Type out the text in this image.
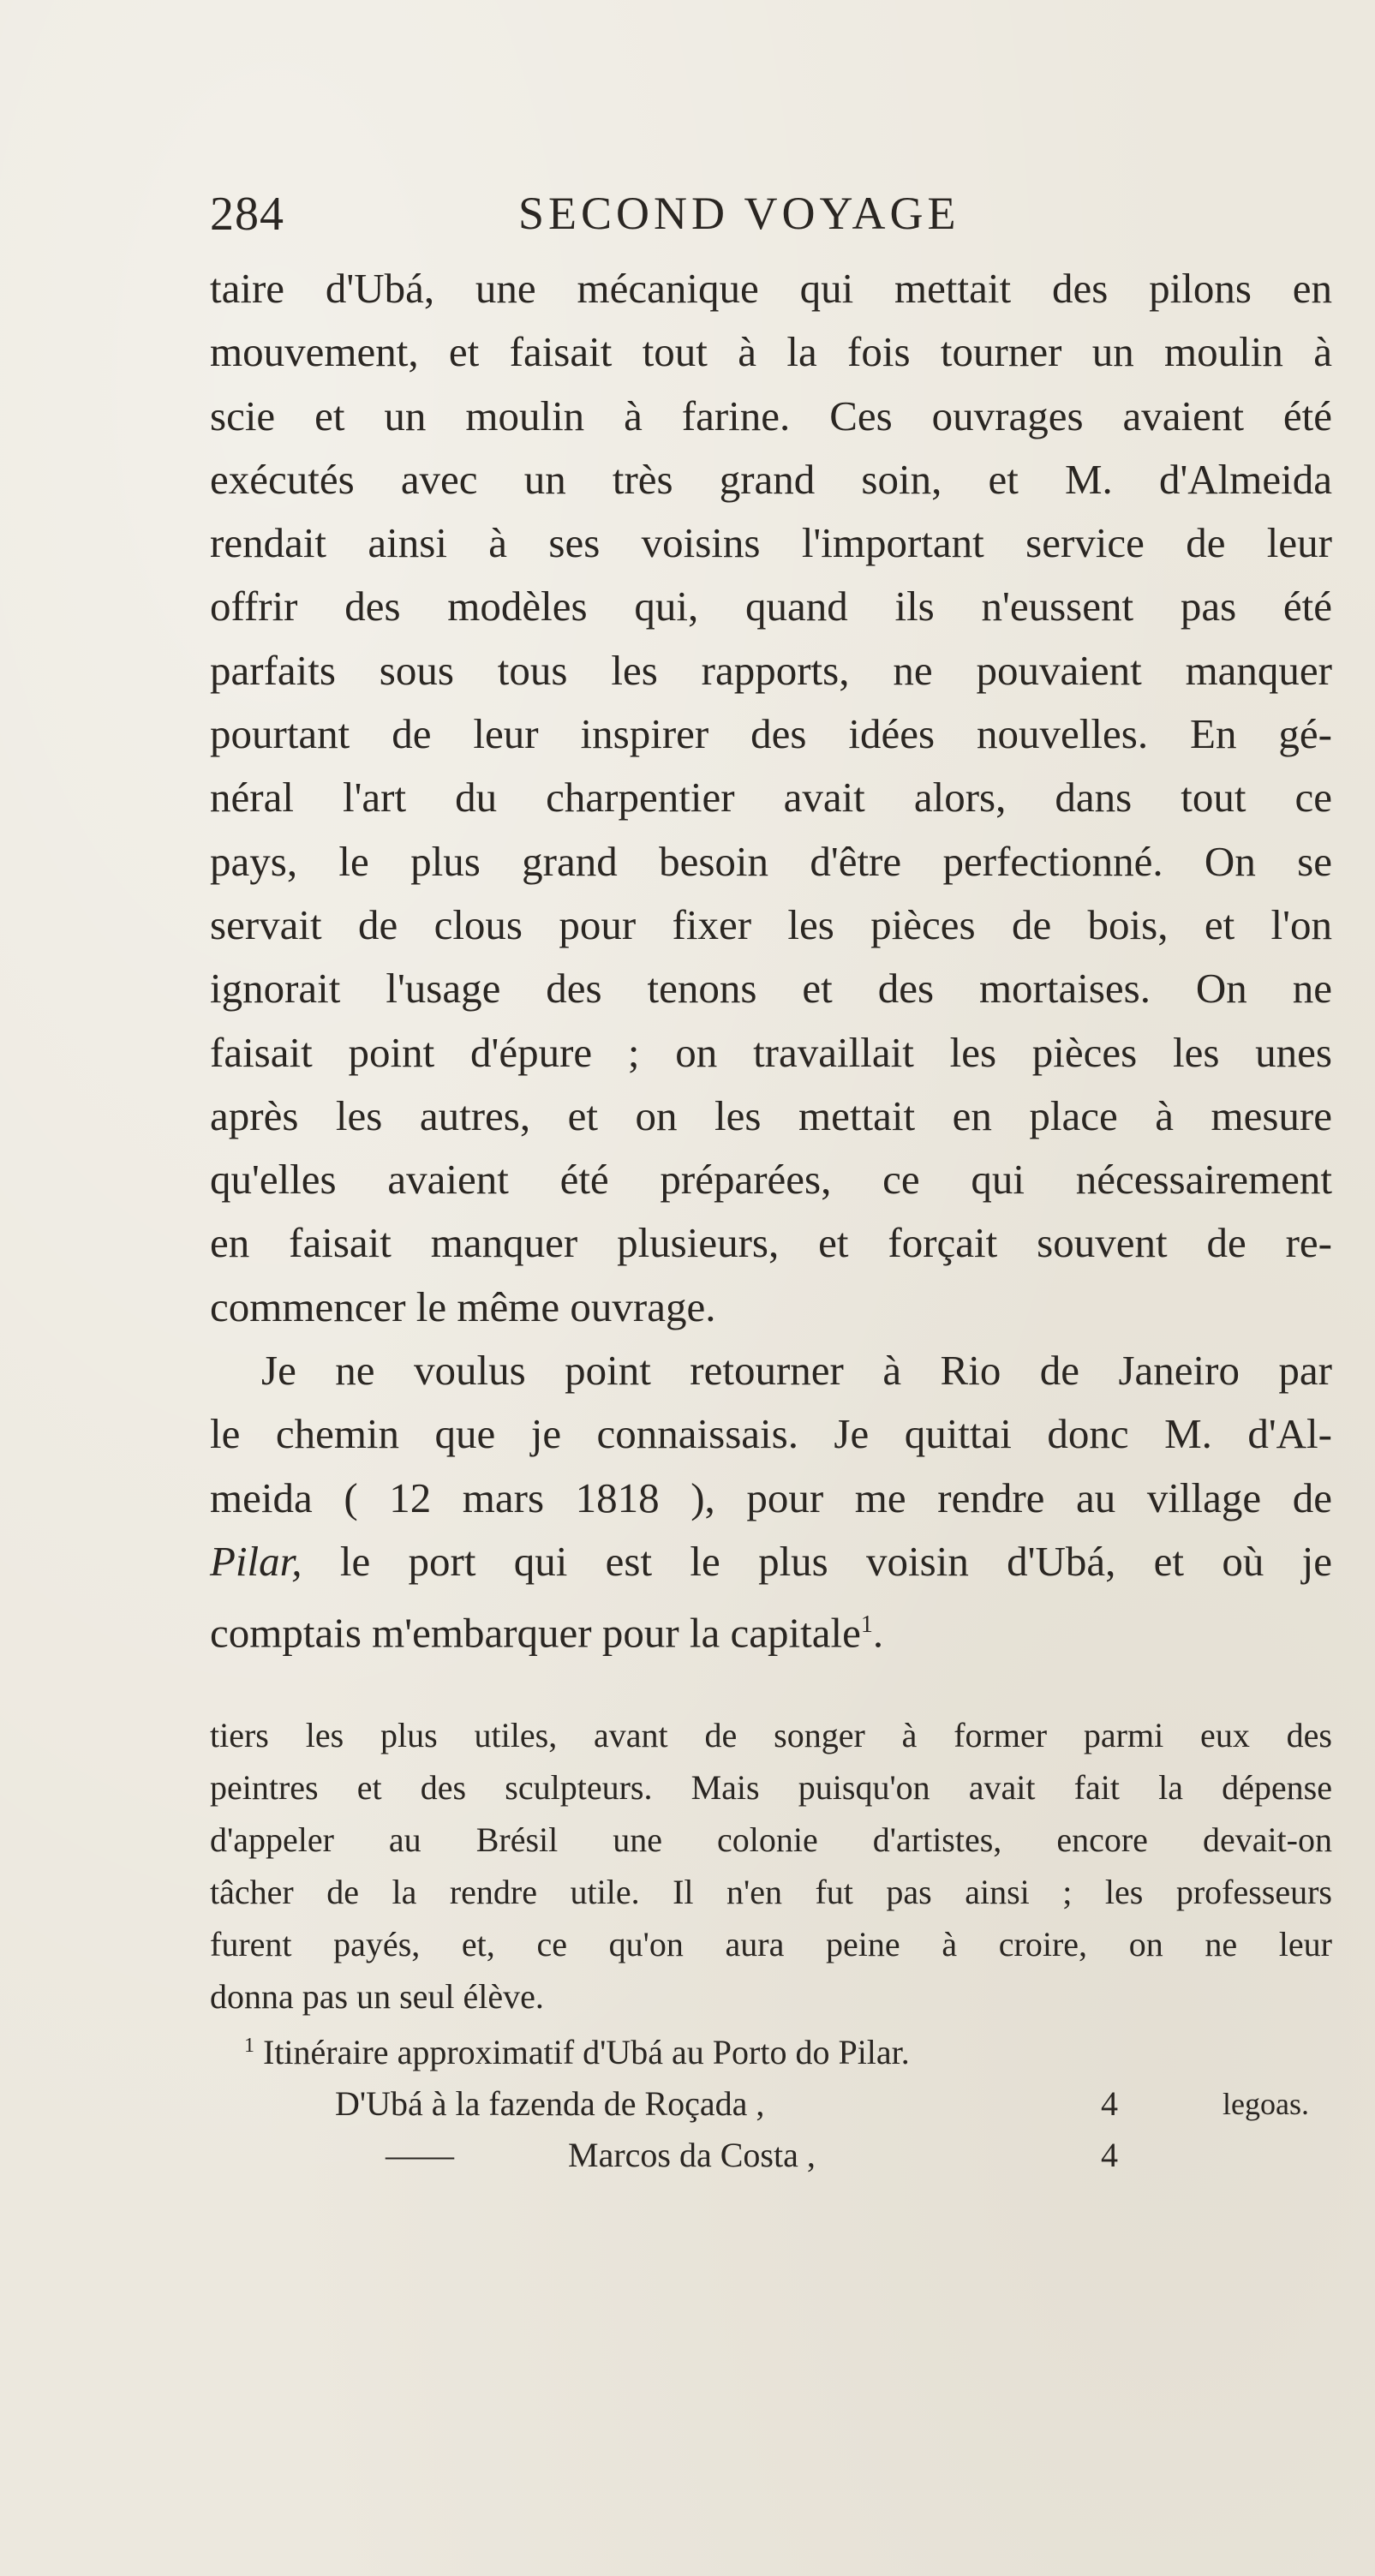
284	SECOND VOYAGE
taire d'Ubá, une mécanique qui mettait des pilons en
mouvement, et faisait tout à la fois tourner un moulin à
scie et un moulin à farine. Ces ouvrages avaient été
exécutés avec un très grand soin, et M. d'Almeida
rendait ainsi à ses voisins l'important service de leur
offrir des modèles qui, quand ils n'eussent pas été
parfaits sous tous les rapports, ne pouvaient manquer
pourtant de leur inspirer des idées nouvelles. En gé-
néral l'art du charpentier avait alors, dans tout ce
pays, le plus grand besoin d'être perfectionné. On se
servait de clous pour fixer les pièces de bois, et l'on
ignorait l'usage des tenons et des mortaises. On ne
faisait point d'épure ; on travaillait les pièces les unes
après les autres, et on les mettait en place à mesure
qu'elles avaient été préparées, ce qui nécessairement
en faisait manquer plusieurs, et forçait souvent de re-
commencer le même ouvrage.
Je ne voulus point retourner à Rio de Janeiro par
le chemin que je connaissais. Je quittai donc M. d'Al-
meida ( 12 mars 1818 ), pour me rendre au village de
Pilar, le port qui est le plus voisin d'Ubá, et où je
comptais m'embarquer pour la capitale$^1$.
tiers les plus utiles, avant de songer à former parmi eux des
peintres et des sculpteurs. Mais puisqu'on avait fait la dépense
d'appeler au Brésil une colonie d'artistes, encore devait-on
tâcher de la rendre utile. Il n'en fut pas ainsi ; les professeurs
furent payés, et, ce qu'on aura peine à croire, on ne leur
donna pas un seul élève.
$^1$ Itinéraire approximatif d'Ubá au Porto do Pilar.
D'Ubá à la fazenda de Roçada ,	4	legoas.
——	Marcos da Costa ,	4
